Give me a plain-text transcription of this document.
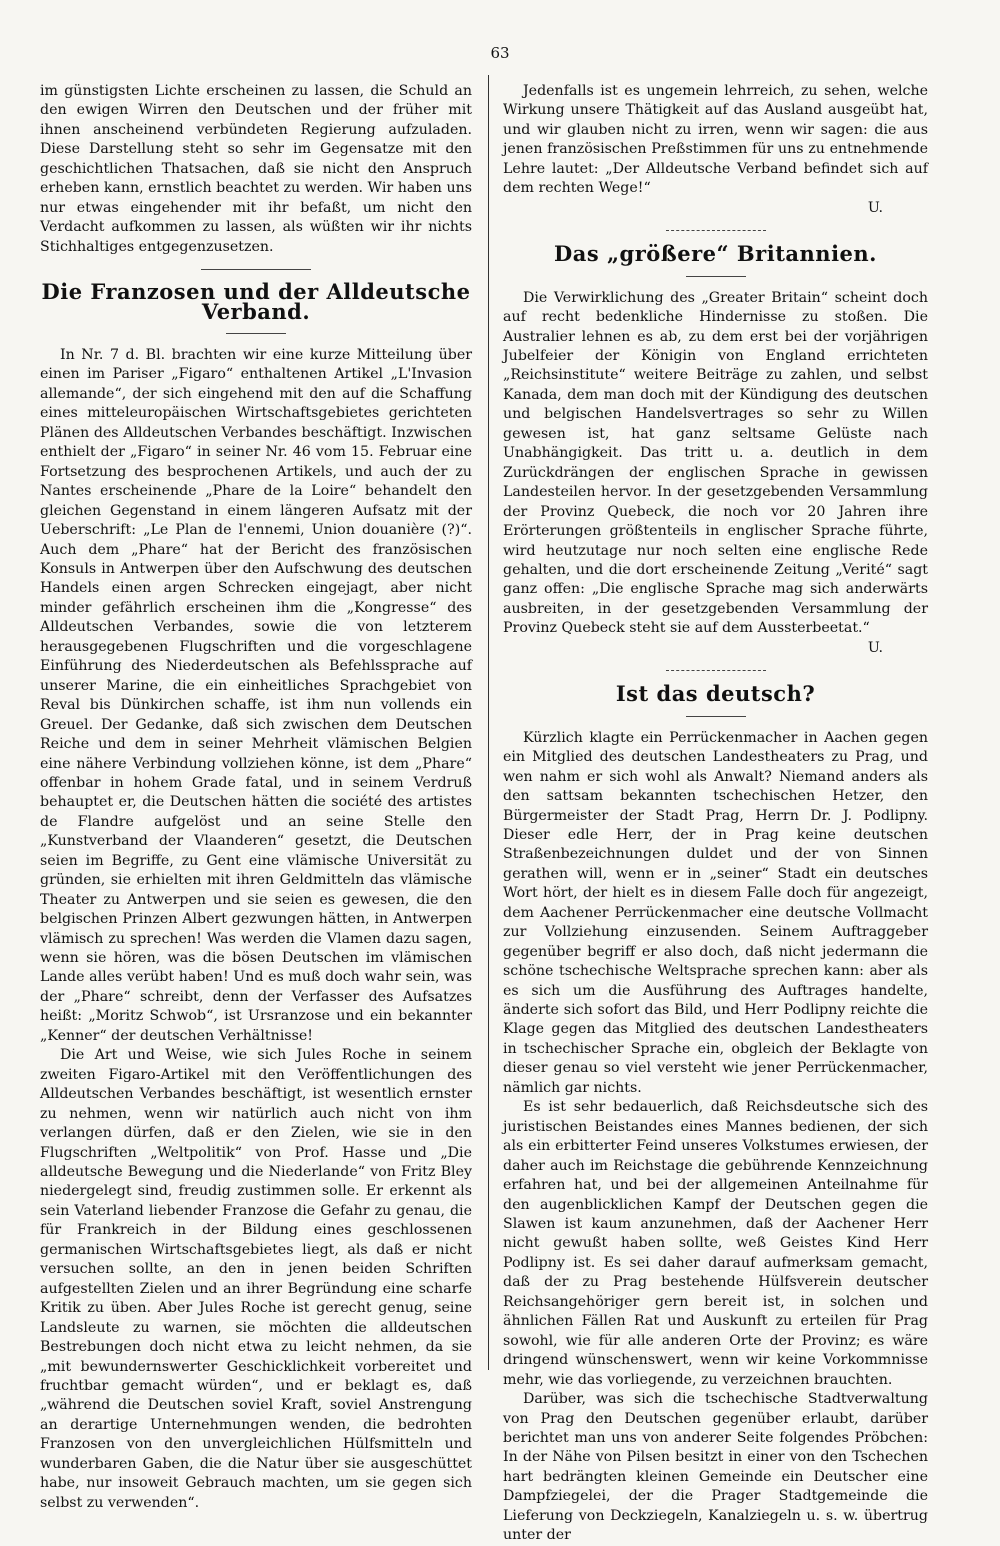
63

im günstigsten Lichte erscheinen zu lassen, die Schuld an den ewigen Wirren den Deutschen und der früher mit ihnen anscheinend verbündeten Regierung aufzuladen. Diese Darstellung steht so sehr im Gegensatze mit den geschichtlichen Thatsachen, daß sie nicht den Anspruch erheben kann, ernstlich beachtet zu werden. Wir haben uns nur etwas eingehender mit ihr befaßt, um nicht den Verdacht aufkommen zu lassen, als wüßten wir ihr nichts Stichhaltiges entgegenzusetzen.

Die Franzosen und der Alldeutsche Verband.

In Nr. 7 d. Bl. brachten wir eine kurze Mitteilung über einen im Pariser „Figaro“ enthaltenen Artikel „L'Invasion allemande“, der sich eingehend mit den auf die Schaffung eines mitteleuropäischen Wirtschaftsgebietes gerichteten Plänen des Alldeutschen Verbandes beschäftigt. Inzwischen enthielt der „Figaro“ in seiner Nr. 46 vom 15. Februar eine Fortsetzung des besprochenen Artikels, und auch der zu Nantes erscheinende „Phare de la Loire“ behandelt den gleichen Gegenstand in einem längeren Aufsatz mit der Ueberschrift: „Le Plan de l'ennemi, Union douanière (?)“. Auch dem „Phare“ hat der Bericht des französischen Konsuls in Antwerpen über den Aufschwung des deutschen Handels einen argen Schrecken eingejagt, aber nicht minder gefährlich erscheinen ihm die „Kongresse“ des Alldeutschen Verbandes, sowie die von letzterem herausgegebenen Flugschriften und die vorgeschlagene Einführung des Niederdeutschen als Befehlssprache auf unserer Marine, die ein einheitliches Sprachgebiet von Reval bis Dünkirchen schaffe, ist ihm nun vollends ein Greuel. Der Gedanke, daß sich zwischen dem Deutschen Reiche und dem in seiner Mehrheit vlämischen Belgien eine nähere Verbindung vollziehen könne, ist dem „Phare“ offenbar in hohem Grade fatal, und in seinem Verdruß behauptet er, die Deutschen hätten die société des artistes de Flandre aufgelöst und an seine Stelle den „Kunstverband der Vlaanderen“ gesetzt, die Deutschen seien im Begriffe, zu Gent eine vlämische Universität zu gründen, sie erhielten mit ihren Geldmitteln das vlämische Theater zu Antwerpen und sie seien es gewesen, die den belgischen Prinzen Albert gezwungen hätten, in Antwerpen vlämisch zu sprechen! Was werden die Vlamen dazu sagen, wenn sie hören, was die bösen Deutschen im vlämischen Lande alles verübt haben! Und es muß doch wahr sein, was der „Phare“ schreibt, denn der Verfasser des Aufsatzes heißt: „Moritz Schwob“, ist Ursranzose und ein bekannter „Kenner“ der deutschen Verhältnisse!

Die Art und Weise, wie sich Jules Roche in seinem zweiten Figaro-Artikel mit den Veröffentlichungen des Alldeutschen Verbandes beschäftigt, ist wesentlich ernster zu nehmen, wenn wir natürlich auch nicht von ihm verlangen dürfen, daß er den Zielen, wie sie in den Flugschriften „Weltpolitik“ von Prof. Hasse und „Die alldeutsche Bewegung und die Niederlande“ von Fritz Bley niedergelegt sind, freudig zustimmen solle. Er erkennt als sein Vaterland liebender Franzose die Gefahr zu genau, die für Frankreich in der Bildung eines geschlossenen germanischen Wirtschaftsgebietes liegt, als daß er nicht versuchen sollte, an den in jenen beiden Schriften aufgestellten Zielen und an ihrer Begründung eine scharfe Kritik zu üben. Aber Jules Roche ist gerecht genug, seine Landsleute zu warnen, sie möchten die alldeutschen Bestrebungen doch nicht etwa zu leicht nehmen, da sie „mit bewundernswerter Geschicklichkeit vorbereitet und fruchtbar gemacht würden“, und er beklagt es, daß „während die Deutschen soviel Kraft, soviel Anstrengung an derartige Unternehmungen wenden, die bedrohten Franzosen von den unvergleichlichen Hülfsmitteln und wunderbaren Gaben, die die Natur über sie ausgeschüttet habe, nur insoweit Gebrauch machten, um sie gegen sich selbst zu verwenden“.

Jedenfalls ist es ungemein lehrreich, zu sehen, welche Wirkung unsere Thätigkeit auf das Ausland ausgeübt hat, und wir glauben nicht zu irren, wenn wir sagen: die aus jenen französischen Preßstimmen für uns zu entnehmende Lehre lautet: „Der Alldeutsche Verband befindet sich auf dem rechten Wege!“

U.
Das „größere“ Britannien.

Die Verwirklichung des „Greater Britain“ scheint doch auf recht bedenkliche Hindernisse zu stoßen. Die Australier lehnen es ab, zu dem erst bei der vorjährigen Jubelfeier der Königin von England errichteten „Reichsinstitute“ weitere Beiträge zu zahlen, und selbst Kanada, dem man doch mit der Kündigung des deutschen und belgischen Handelsvertrages so sehr zu Willen gewesen ist, hat ganz seltsame Gelüste nach Unabhängigkeit. Das tritt u. a. deutlich in dem Zurückdrängen der englischen Sprache in gewissen Landesteilen hervor. In der gesetzgebenden Versammlung der Provinz Quebeck, die noch vor 20 Jahren ihre Erörterungen größtenteils in englischer Sprache führte, wird heutzutage nur noch selten eine englische Rede gehalten, und die dort erscheinende Zeitung „Verité“ sagt ganz offen: „Die englische Sprache mag sich anderwärts ausbreiten, in der gesetzgebenden Versammlung der Provinz Quebeck steht sie auf dem Aussterbeetat.“

U.
Ist das deutsch?

Kürzlich klagte ein Perrückenmacher in Aachen gegen ein Mitglied des deutschen Landestheaters zu Prag, und wen nahm er sich wohl als Anwalt? Niemand anders als den sattsam bekannten tschechischen Hetzer, den Bürgermeister der Stadt Prag, Herrn Dr. J. Podlipny. Dieser edle Herr, der in Prag keine deutschen Straßenbezeichnungen duldet und der von Sinnen gerathen will, wenn er in „seiner“ Stadt ein deutsches Wort hört, der hielt es in diesem Falle doch für angezeigt, dem Aachener Perrückenmacher eine deutsche Vollmacht zur Vollziehung einzusenden. Seinem Auftraggeber gegenüber begriff er also doch, daß nicht jedermann die schöne tschechische Weltsprache sprechen kann: aber als es sich um die Ausführung des Auftrages handelte, änderte sich sofort das Bild, und Herr Podlipny reichte die Klage gegen das Mitglied des deutschen Landestheaters in tschechischer Sprache ein, obgleich der Beklagte von dieser genau so viel versteht wie jener Perrückenmacher, nämlich gar nichts.

Es ist sehr bedauerlich, daß Reichsdeutsche sich des juristischen Beistandes eines Mannes bedienen, der sich als ein erbitterter Feind unseres Volkstumes erwiesen, der daher auch im Reichstage die gebührende Kennzeichnung erfahren hat, und bei der allgemeinen Anteilnahme für den augenblicklichen Kampf der Deutschen gegen die Slawen ist kaum anzunehmen, daß der Aachener Herr nicht gewußt haben sollte, weß Geistes Kind Herr Podlipny ist. Es sei daher darauf aufmerksam gemacht, daß der zu Prag bestehende Hülfsverein deutscher Reichsangehöriger gern bereit ist, in solchen und ähnlichen Fällen Rat und Auskunft zu erteilen für Prag sowohl, wie für alle anderen Orte der Provinz; es wäre dringend wünschenswert, wenn wir keine Vorkommnisse mehr, wie das vorliegende, zu verzeichnen brauchten.

Darüber, was sich die tschechische Stadtverwaltung von Prag den Deutschen gegenüber erlaubt, darüber berichtet man uns von anderer Seite folgendes Pröbchen: In der Nähe von Pilsen besitzt in einer von den Tschechen hart bedrängten kleinen Gemeinde ein Deutscher eine Dampfziegelei, der die Prager Stadtgemeinde die Lieferung von Deckziegeln, Kanalziegeln u. s. w. übertrug unter der
